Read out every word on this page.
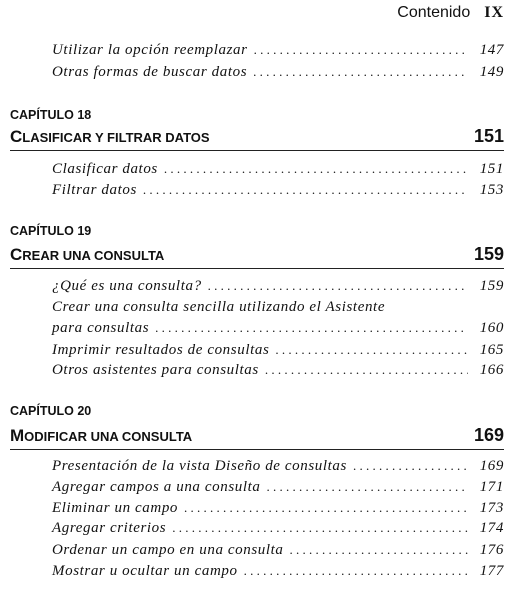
Contenido IX
Utilizar la opción reemplazar . . .	147
Otras formas de buscar datos . . .	149
CAPÍTULO 18
CLASIFICAR Y FILTRAR DATOS	151
Clasificar datos . . .	151
Filtrar datos . . .	153
CAPÍTULO 19
CREAR UNA CONSULTA	159
¿Qué es una consulta? . . .	159
Crear una consulta sencilla utilizando el Asistente
para consultas . . .	160
Imprimir resultados de consultas . . .	165
Otros asistentes para consultas . . .	166
CAPÍTULO 20
MODIFICAR UNA CONSULTA	169
Presentación de la vista Diseño de consultas . . .	169
Agregar campos a una consulta . . .	171
Eliminar un campo . . .	173
Agregar criterios . . .	174
Ordenar un campo en una consulta . . .	176
Mostrar u ocultar un campo . . .	177
